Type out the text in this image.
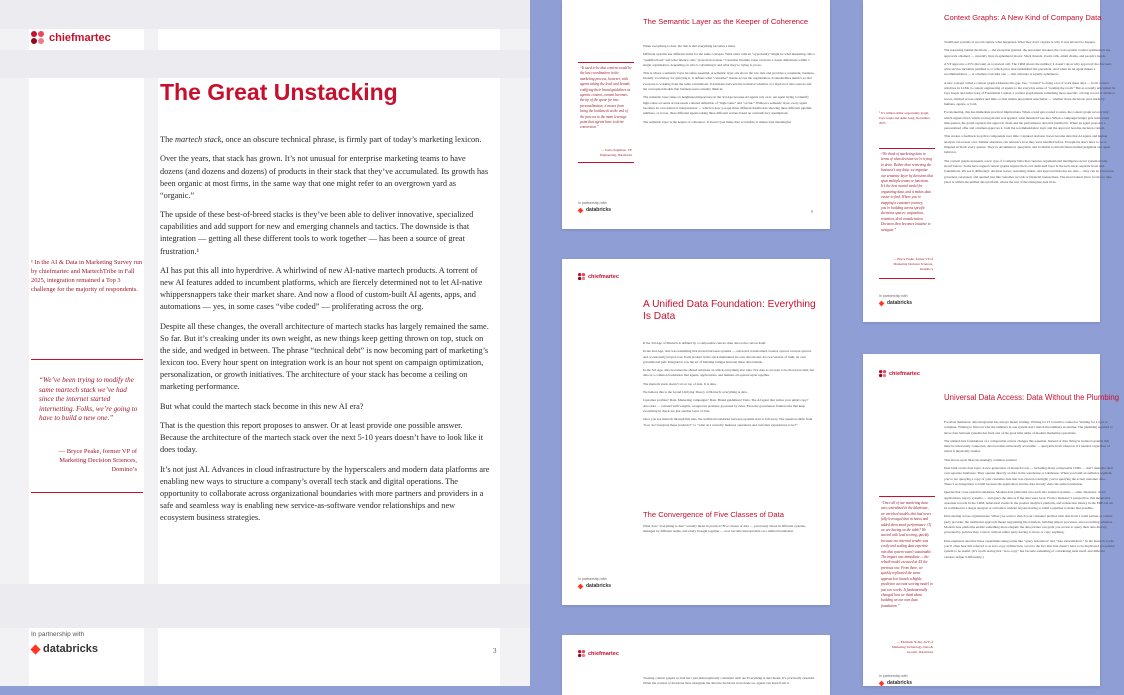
chiefmartec
The Great Unstacking

The martech stack, once an obscure technical phrase, is firmly part of today’s marketing lexicon.

Over the years, that stack has grown. It’s not unusual for enterprise marketing teams to have dozens (and dozens and dozens) of products in their stack that they’ve accumulated. Its growth has been organic at most firms, in the same way that one might refer to an overgrown yard as “organic.”

The upside of these best-of-breed stacks is they’ve been able to deliver innovative, specialized capabilities and add support for new and emerging channels and tactics. The downside is that integration — getting all these different tools to work together — has been a source of great frustration.¹

AI has put this all into hyperdrive. A whirlwind of new AI-native martech products. A torrent of new AI features added to incumbent platforms, which are fiercely determined not to let AI-native whippersnappers take their market share. And now a flood of custom-built AI agents, apps, and automations — yes, in some cases “vibe coded” — proliferating across the org.

Despite all these changes, the overall architecture of martech stacks has largely remained the same. So far. But it’s creaking under its own weight, as new things keep getting thrown on top, stuck on the side, and wedged in between. The phrase “technical debt” is now becoming part of marketing’s lexicon too. Every hour spent on integration work is an hour not spent on campaign optimization, personalization, or growth initiatives. The architecture of your stack has become a ceiling on marketing performance.

But what could the martech stack become in this new AI era?

That is the question this report proposes to answer. Or at least provide one possible answer. Because the architecture of the martech stack over the next 5-10 years doesn’t have to look like it does today.

It’s not just AI. Advances in cloud infrastructure by the hyperscalers and modern data platforms are enabling new ways to structure a company’s overall tech stack and digital operations. The opportunity to collaborate across organizational boundaries with more partners and providers in a safe and seamless way is enabling new service-as-software vendor relationships and new ecosystem business strategies.

¹ In the AI & Data in Marketing Survey run by chiefmartec and MartechTribe in Fall 2025, integration remained a Top 3 challenge for the majority of respondents.
“We’ve been trying to modify the same martech stack we’ve had since the internet started internetting. Folks, we’re going to have to build a new one.”
— Bryce Peake, former VP of Marketing Decision Sciences, Domino’s
In partnership with
databricks	3
The Semantic Layer as the Keeper of Coherence

When everything is data, the risk is that everything becomes a mess.

Different systems use different terms for the same concepts. What sales calls an “opportunity” might be what marketing calls a “qualified lead” and what finance calls “projected revenue.” Customer lifetime value can have a dozen definitions within a single organization, depending on who’s calculating it and what they’re trying to prove.

This is where a semantic layer becomes essential. A semantic layer sits above the raw data and provides a consistent, business-friendly vocabulary for querying it. It defines what “customer” means across the organization. It standardizes metrics so that everyone is working from the same calculations. It translates between the technical schemas of a myriad of data sources and the conceptual models that business users actually think in.

The semantic layer takes on heightened importance in the 3rd Age because AI agents rely on it. An agent trying to identify high-value accounts at risk needs a shared definition of “high-value” and “at risk.” Without a semantic layer, every agent becomes its own island of interpretation — which is how you get three different dashboards showing three different pipeline numbers, or worse, three different agents taking three different actions based on contradictory assumptions.

The semantic layer is the keeper of coherence. It doesn’t just make data accessible; it makes data meaningful.

“It used to be that content would be the last coordination in the marketing process, however, with agents taking the lead, and brands codifying their brand guidelines as agentic context, content becomes the tip of the spear for true personalization; it moves from being the bottleneck at the end of the process to the main leverage point that agents have to drive conversion.”
— Tomo Sugimoto, VP Engineering, Databricks
In partnership with
databricks	9
chiefmartec
A Unified Data Foundation: Everything Is Data

If the 3rd Age of Martech is defined by a composable canvas, then data is the canvas itself.

In the 2nd Age, data was something that moved between systems — extracted, transformed, loaded, synced, reverse-synced, and occasionally prayed over. Each product in the stack maintained its own data model, its own version of truth, its own gravitational pull. Integration was the art of building bridges between these data islands.

In the 3rd Age, data becomes the shared substrate on which everything else runs. Not data as an asset to be moved around, but data as a common foundation that agents, applications, and humans all operate upon together.

The martech stack doesn’t sit on top of data. It is data.

We believe this is the Grand Unifying Theory of Martech: everything is data.

Customer profiles? Data. Marketing campaigns? Data. Brand guidelines? Data. The AI agent that writes your email copy? Also data — a model with weights, wrapped in prompts, governed by rules. Even the governance frameworks that keep everything in check are just another layer of data.

Once you see martech through this lens, the artificial boundaries between systems start to fall away. The question shifts from “how do I integrate these products?” to “what do I want my business operations and customer experiences to be?”

The Convergence of Five Classes of Data
What does “everything is data” actually mean in practice? Five classes of data — previously siloed in different systems, managed by different teams, and rarely brought together — now become interoperable on a unified foundation.
In partnership with
databricks
chiefmartec
Treating context graphs as data isn’t just philosophically consistent with our Everything is data thesis. It’s practically essential. When the context of decisions lives alongside the data the decisions were made on, agents can learn from it.
Context Graphs: A New Kind of Company Data

Traditional systems of record capture what happened. What they don’t capture is why it was allowed to happen.

The reasoning behind decisions — the exception granted, the precedent invoked, the cross-system context synthesized, the approvals obtained — currently lives in ephemeral places: Slack threads, Zoom calls, email chains, and people’s heads.

A VP approves a 25% discount on a renewal call. The CRM shows the number; it doesn’t show why approval: the discount, what service incidents justified it, or which prior deal established the precedent. And when an AI agent makes a recommendation — at a human overrides one — that rationale is equally ephemeral.

A new concept called a context graph addresses this gap. Yes, “context” is doing a lot of work these days — from context windows in LLMs to context engineering of agents to the everyday sense of “reading the room.” But as recently articulated by Jaya Gupta and Ashu Garg of Foundation Capital, a context graph means something more specific: a living record of decision traces, stitched across entities and time, so that makes precedents searchable — whether those decisions were made by humans, agents, or both.

For marketing, this has immediate practical implications. When a lead gets routed to sales, the context graph records why: which signals fired, which scoring model was applied, what threshold was met. When a campaign budget gets reallocated mid-quarter, the graph captures the approval chain and the performance data that justified it. When an agent proposes a personalized offer and a human approves it, both the recommendation logic and the approval become decision context.

This creates a feedback loop that compounds over time. Captured decision traces become data that AI agents and human analysts can reason over. Similar situations can reference how they were handled before. Exceptions don’t have to be re-litigated in Slack every quarter. They’re documented, queryable, and available to inform future human judgment and agent behavior.

The context graph represents a new type of Company Data that captures organizational intelligence never systematically stored before. Some have argued context graphs require their own dedicated layer in the tech stack, separate from data foundations. We see it differently: decision traces, reasoning chains, and approval histories are data — they can be structured, governed, versioned, and queried just like customer records or financial transactions. The most natural place for that to take place is within the unified data platform, where the rest of the enterprise data lives.

² It’s trillion-dollar opportunity graph, Jaya Gupta and Ashu Garg, November 2025
“We think of marketing data in terms of what decision we’re trying to drive. Rather than retrieving the business’s any data, we organize our semantic layer by decisions that span multiple teams or functions. It’s the best mental model for organizing data, and it makes data easier to find. Where you’re mapping a customer journey, you’re building across specific decisions spaces: acquisition, retention, deal consideration. Decision then becomes intuitive to navigate.”
— Bryce Peake, former VP of Marketing Decision Sciences, Domino’s
In partnership with
databricks
chiefmartec
Universal Data Access: Data Without the Plumbing

For most marketers, data integration has always meant waiting. Waiting for IT to build a connector. Waiting for a sync to complete. Waiting to find out why the numbers in one system don’t match the numbers in another. The plumbing required to move data between systems has been one of the great time sinks of modern marketing operations.

The unified data foundations of a composable canvas changes this equation. Instead of data living in isolated systems that must be laboriously connected, data becomes universally accessible — queryable from wherever it’s needed, regardless of where it physically resides.

This shows up in three increasingly common patterns:

Data built on the data layer. A new generation of martech tools — including many composable CDPs — don’t maintain their own separate databases. They operate directly on data in the warehouse or lakehouse. When you build an audience segment, you’re not querying a copy of your customer data that was synced overnight; you’re querying the actual customer data. There’s no integration to build because the application and the data already share the same foundation.

Queries that cross system boundaries. Modern data platforms can reach into external systems — other databases, cloud applications, legacy systems — and query the data as if the data were local. From a marketer’s perspective, this means that customer records in the CRM, behavioral events in the product analytics platform, and transaction history in the ERP can all be combined in a single analysis or activation without anyone having to build a pipeline to make that possible.

Data sharing across organizations. When you want to enrich your customer profiles with data from a retail partner or a third-party provider, the traditional approach meant negotiating file transfers, building import processes, and reconciling schemas. Modern data platforms enable something more elegant: the data partner can grant you access to query their data directly, governed by policies they control, without either party having to move or copy anything.

Data engineers describe these capabilities using terms like “query federation” and “data virtualization.” In the martech world, you’ll often hear this referred to as zero-copy architecture, a nod to the fact that data doesn’t have to be duplicated yet another system to be useful. (It’s worth noting that “zero-copy” has become something of a marketing term itself, and different vendors define it differently.)

“Once all of our marketing data was centralized in the lakehouse, we enriched models that had never fully leveraged that richness and added them much performance. Of we are having on the table? We started with lead scoring, quickly because our internal vendor was costly and scaling data expertise into that system wasn’t sustainable. The impact was immediate — the rebuilt model executed at 4X the previous one. From there, we quickly replicated the same approach to launch a highly predictive account scoring model in just two weeks. It fundamentally changed how we think about building on our own data foundation.”
— Elizabeth Noble, AVP of Marketing Technology, Data & Growth, Databricks
In partnership with
databricks
